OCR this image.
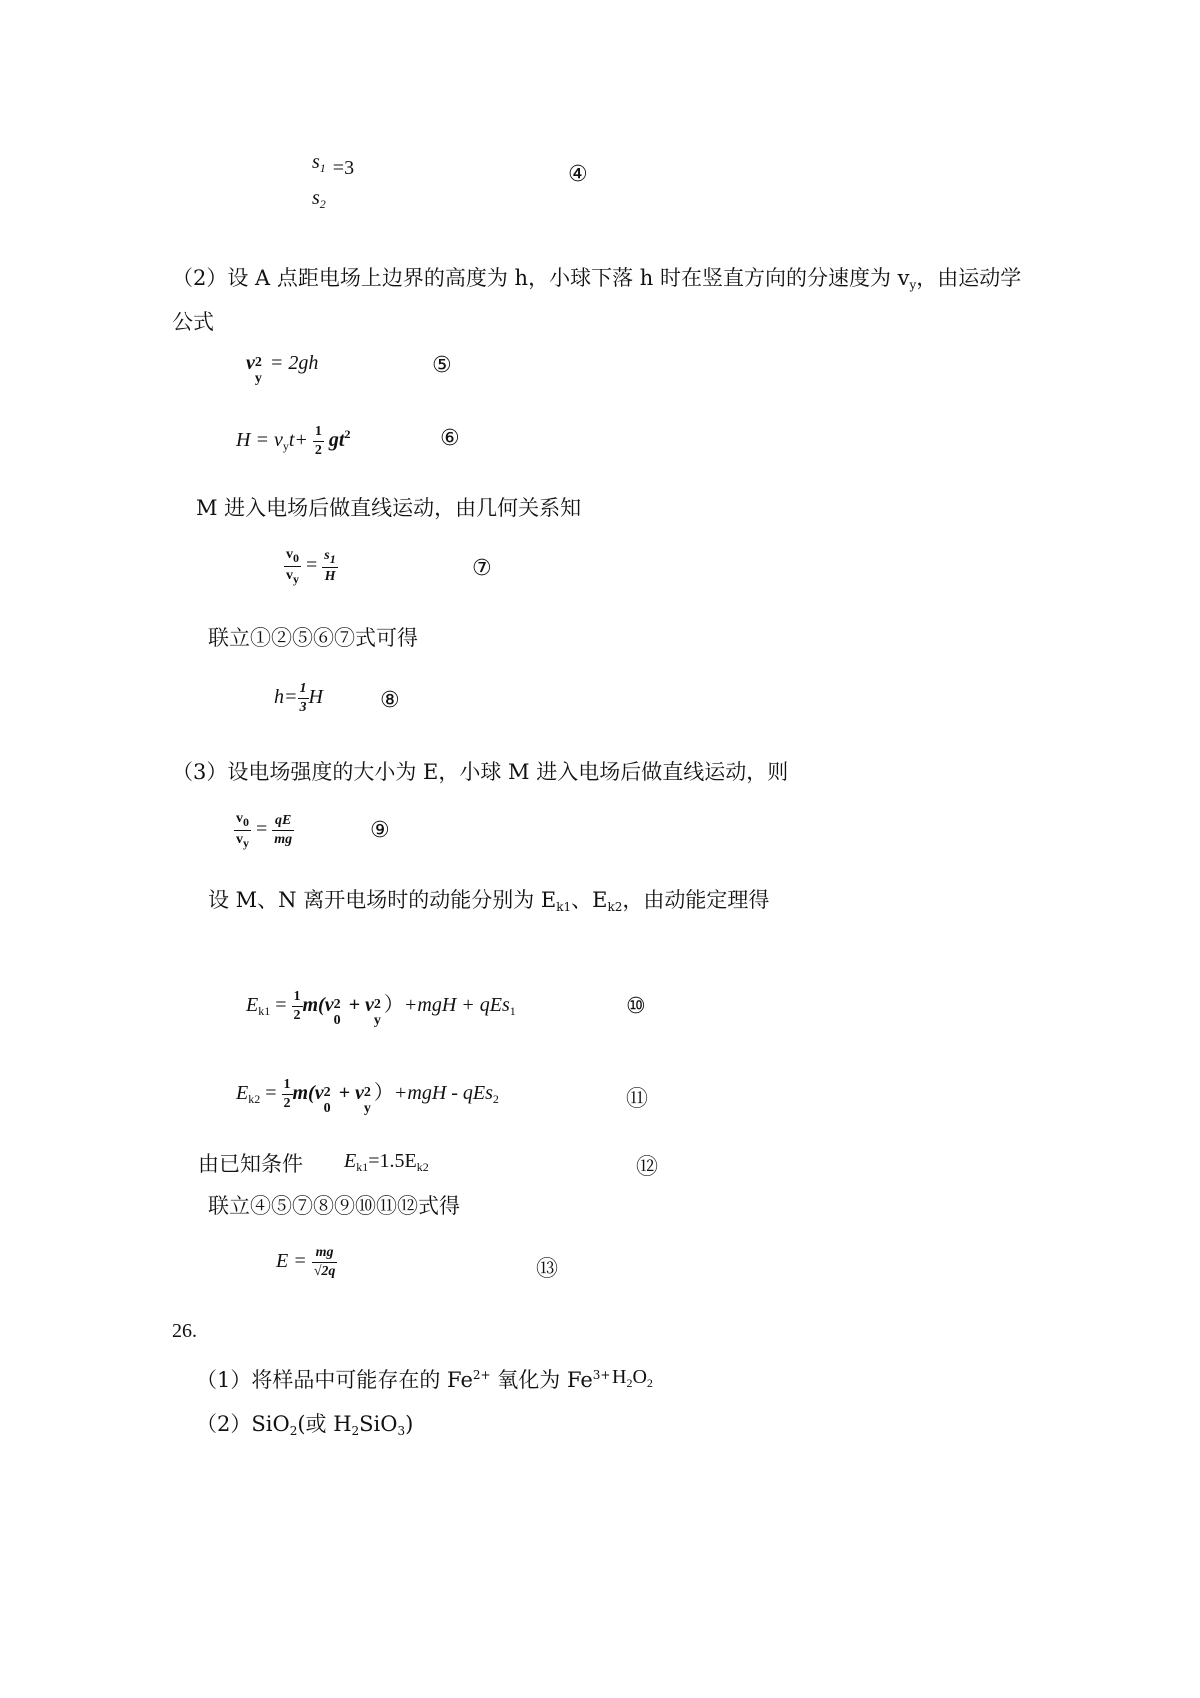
$s_1$
$s_2$
=3	④
（2）设 A 点距电场上边界的高度为 h，小球下落 h 时在竖直方向的分速度为 $v_y$，由运动学
公式
v 2
y
= 2gh	⑤
$H = v_yt+ \frac{1}{2} gt^2$	⑥
M 进入电场后做直线运动，由几何关系知
$\frac{v0}{vy} = \frac{s1}{H}$	⑦
联立①②⑤⑥⑦式可得
$h= \frac{1}{3}$ H	⑧
（3）设电场强度的大小为 E，小球 M 进入电场后做直线运动，则
$\frac{v0}{vy} = \frac{qE}{mg}$	⑨
设 M、N 离开电场时的动能分别为 $E_{k1}$、$E_{k2}$，由动能定理得
$E_{k1} = \frac{1}{2} m(v$ 2
0
+ v 2
y
）+mgH + qEs$_1$	⑩
$E_{k2} = \frac{1}{2} m(v$ 2
0
+ v 2
y
）+mgH - qEs$_2$	⑪
由已知条件 $E_{k1}=1.5E_{k2}$	⑫
联立④⑤⑦⑧⑨⑩⑪⑫式得
$E = \frac{mg}{√2q}$	⑬
26.
（1）将样品中可能存在的 $Fe^{2+}$ 氧化为 $Fe^{3+}$ $H_2O_2$
（2）SiO$_2$(或 $H_2SiO_3$)
